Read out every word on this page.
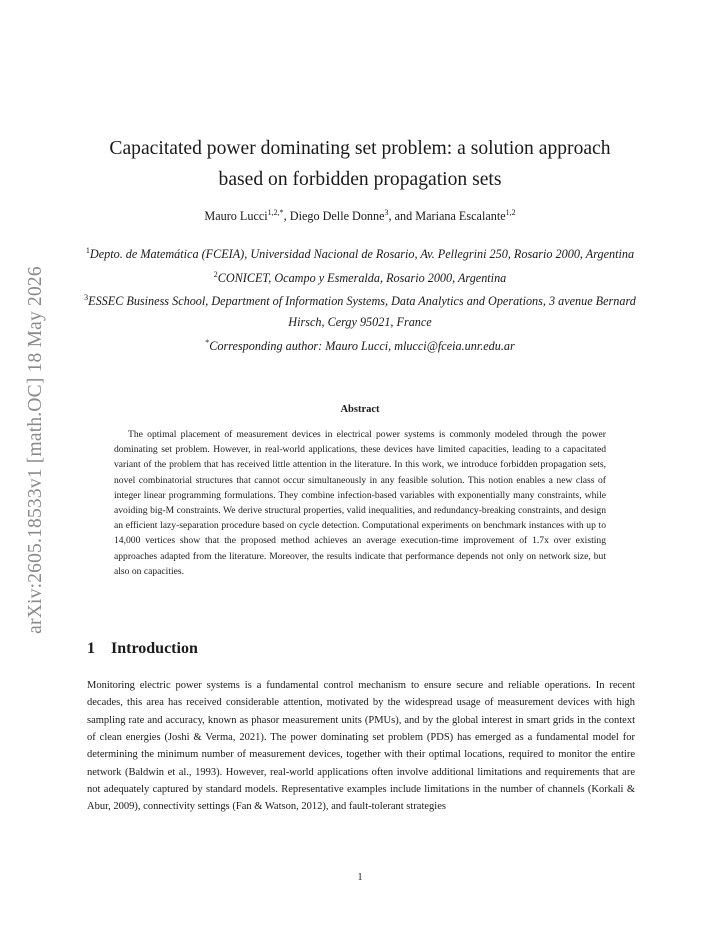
arXiv:2605.18533v1 [math.OC] 18 May 2026
Capacitated power dominating set problem: a solution approach
based on forbidden propagation sets
Mauro Lucci$^{1,2,*}$, Diego Delle Donne$^3$, and Mariana Escalante$^{1,2}$

$^1$Depto. de Matemática (FCEIA), Universidad Nacional de Rosario, Av. Pellegrini 250, Rosario 2000, Argentina

$^2$CONICET, Ocampo y Esmeralda, Rosario 2000, Argentina

$^3$ESSEC Business School, Department of Information Systems, Data Analytics and Operations, 3 avenue Bernard Hirsch, Cergy 95021, France

*Corresponding author: Mauro Lucci, mlucci@fceia.unr.edu.ar

Abstract

The optimal placement of measurement devices in electrical power systems is commonly modeled through the power dominating set problem. However, in real-world applications, these devices have limited capacities, leading to a capacitated variant of the problem that has received little attention in the literature. In this work, we introduce forbidden propagation sets, novel combinatorial structures that cannot occur simultaneously in any feasible solution. This notion enables a new class of integer linear programming formulations. They combine infection-based variables with exponentially many constraints, while avoiding big-M constraints. We derive structural properties, valid inequalities, and redundancy-breaking constraints, and design an efficient lazy-separation procedure based on cycle detection. Computational experiments on benchmark instances with up to 14,000 vertices show that the proposed method achieves an average execution-time improvement of 1.7x over existing approaches adapted from the literature. Moreover, the results indicate that performance depends not only on network size, but also on capacities.

1 Introduction

Monitoring electric power systems is a fundamental control mechanism to ensure secure and reliable operations. In recent decades, this area has received considerable attention, motivated by the widespread usage of measurement devices with high sampling rate and accuracy, known as phasor measurement units (PMUs), and by the global interest in smart grids in the context of clean energies (Joshi & Verma, 2021). The power dominating set problem (PDS) has emerged as a fundamental model for determining the minimum number of measurement devices, together with their optimal locations, required to monitor the entire network (Baldwin et al., 1993). However, real-world applications often involve additional limitations and requirements that are not adequately captured by standard models. Representative examples include limitations in the number of channels (Korkali & Abur, 2009), connectivity settings (Fan & Watson, 2012), and fault-tolerant strategies

1
